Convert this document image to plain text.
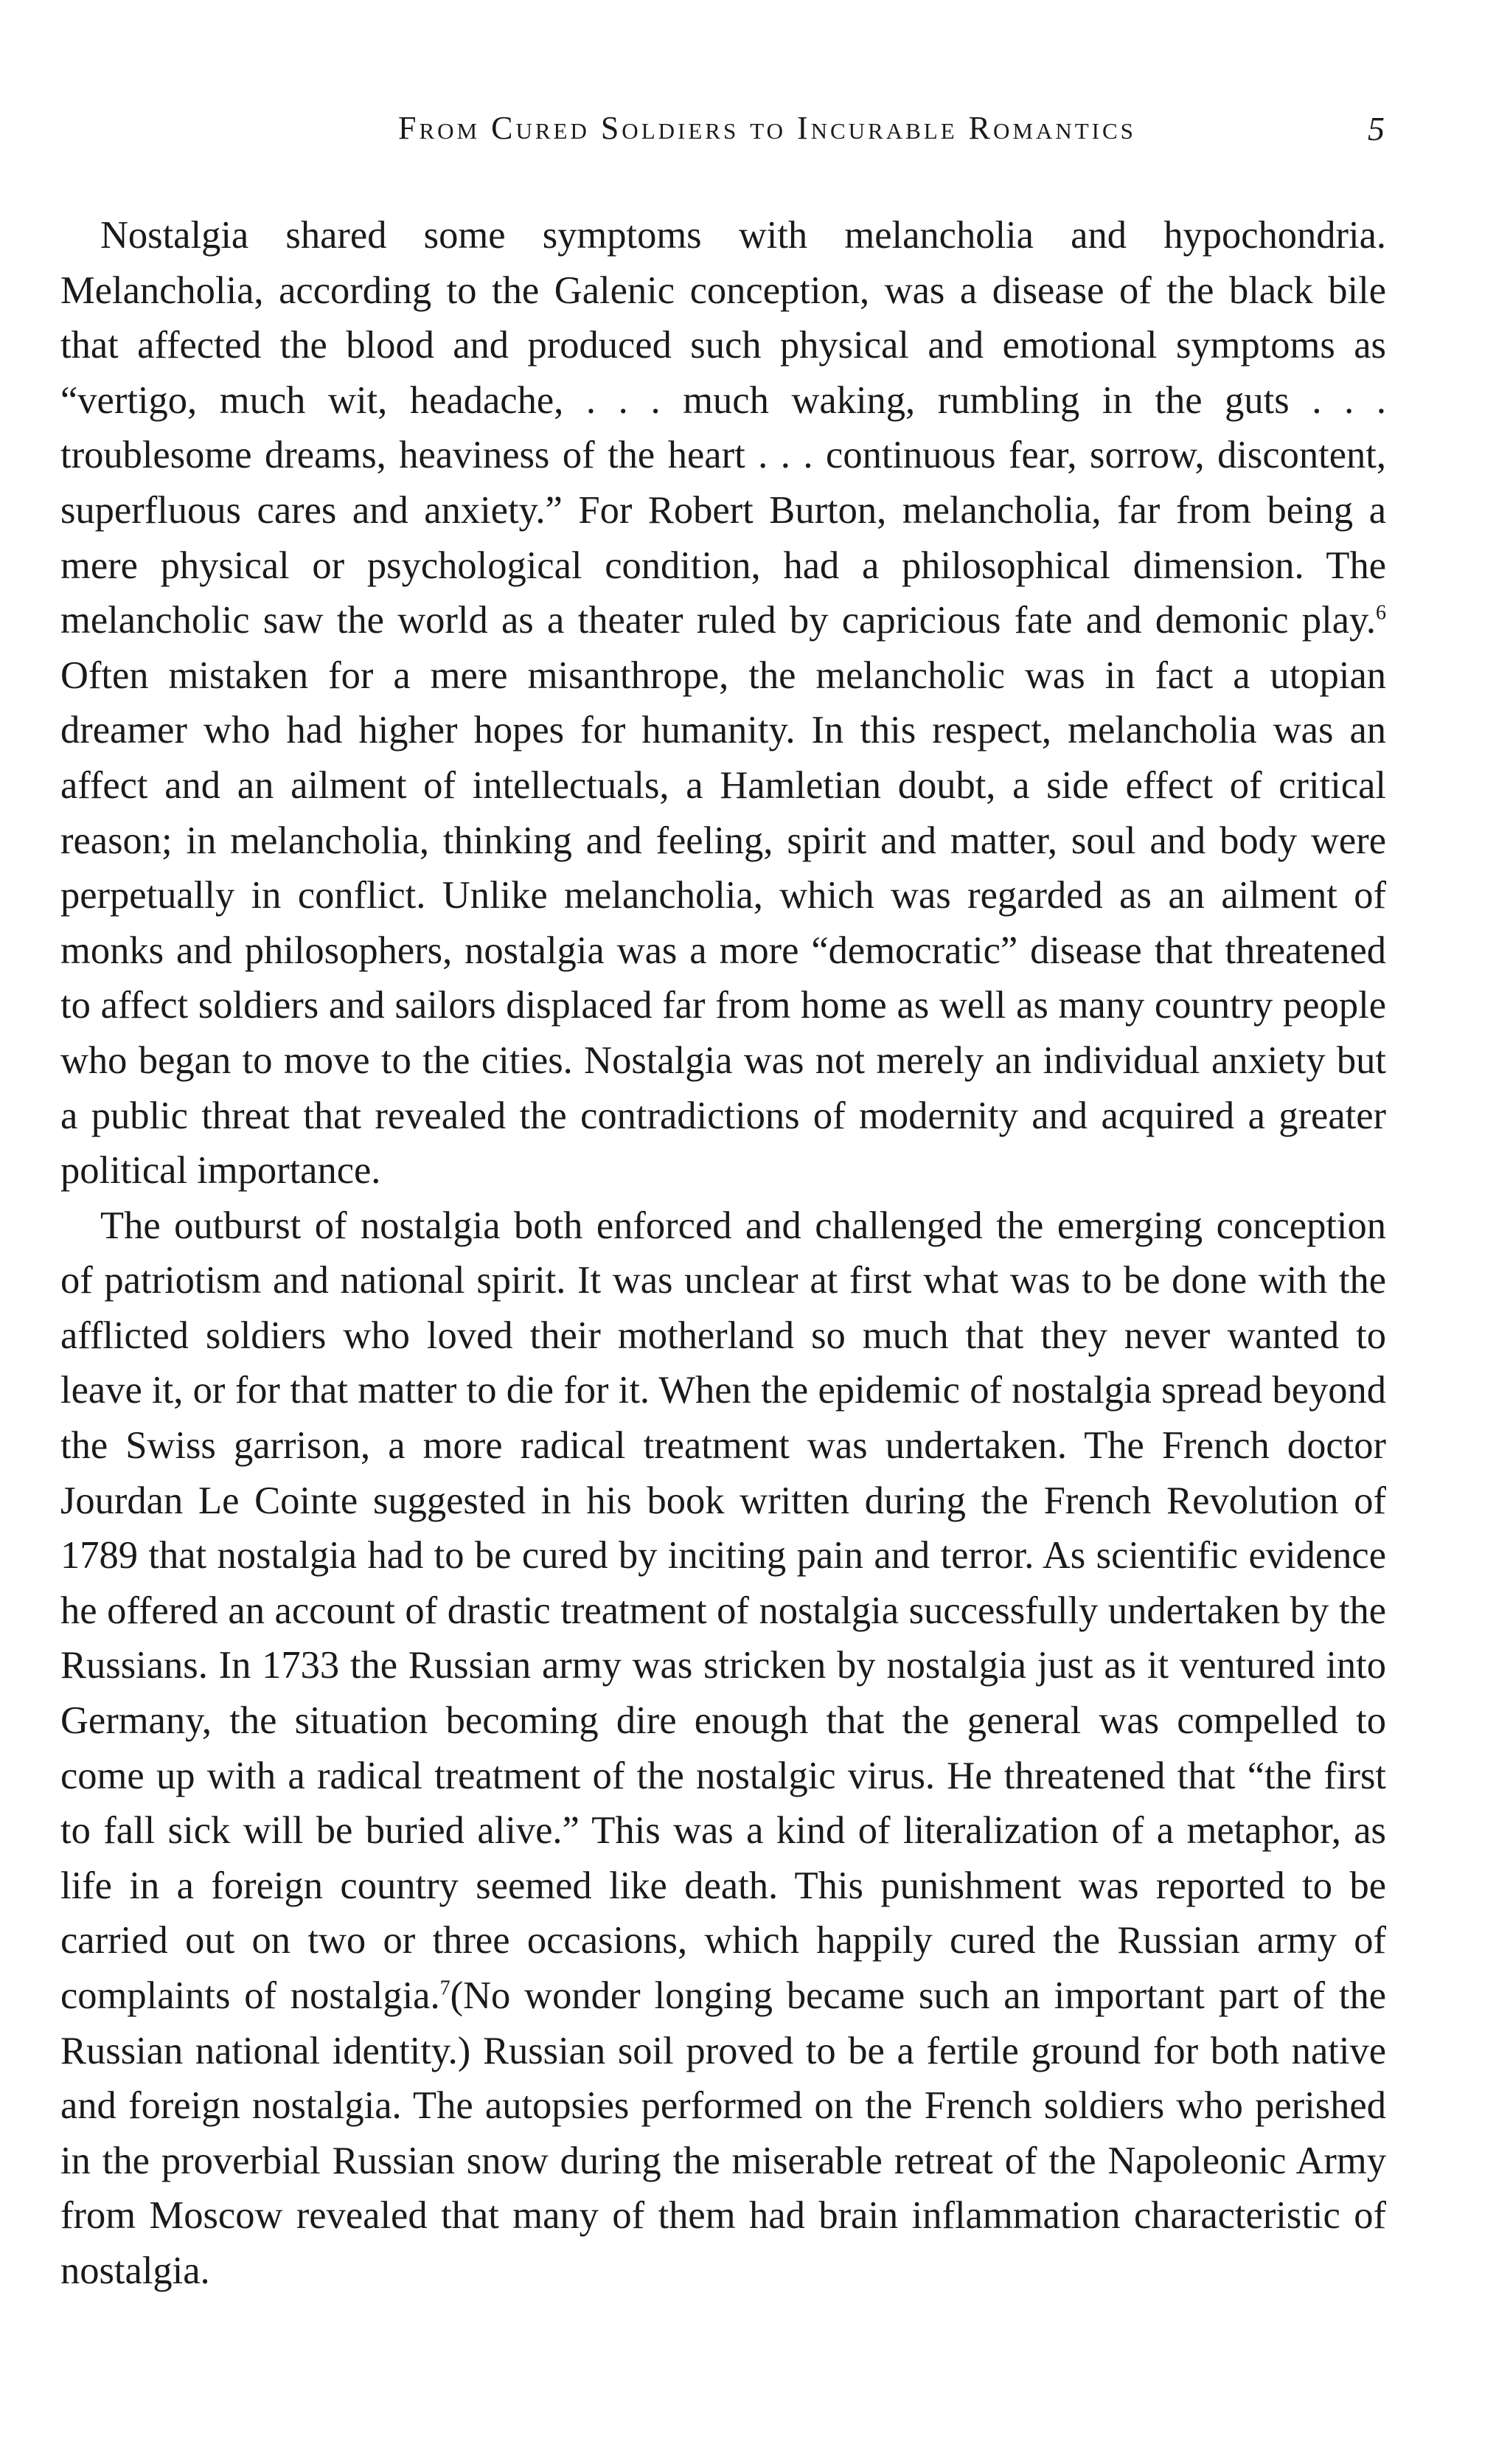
From Cured Soldiers to Incurable Romantics	5

Nostalgia shared some symptoms with melancholia and hypochondria. Melancholia, according to the Galenic conception, was a disease of the black bile that affected the blood and produced such physical and emotional symptoms as “vertigo, much wit, headache, . . . much waking, rumbling in the guts . . . troublesome dreams, heaviness of the heart . . . continuous fear, sorrow, discontent, superfluous cares and anxiety.” For Robert Burton, melancholia, far from being a mere physical or psychological condition, had a philosophical dimension. The melancholic saw the world as a theater ruled by capricious fate and demonic play.$^6$ Often mistaken for a mere misanthrope, the melancholic was in fact a utopian dreamer who had higher hopes for humanity. In this respect, melancholia was an affect and an ailment of intellectuals, a Hamletian doubt, a side effect of critical reason; in melancholia, thinking and feeling, spirit and matter, soul and body were perpetually in conflict. Unlike melancholia, which was regarded as an ailment of monks and philosophers, nostalgia was a more “democratic” disease that threatened to affect soldiers and sailors displaced far from home as well as many country people who began to move to the cities. Nostalgia was not merely an individual anxiety but a public threat that revealed the contradictions of modernity and acquired a greater political importance.

The outburst of nostalgia both enforced and challenged the emerging conception of patriotism and national spirit. It was unclear at first what was to be done with the afflicted soldiers who loved their motherland so much that they never wanted to leave it, or for that matter to die for it. When the epidemic of nostalgia spread beyond the Swiss garrison, a more radical treatment was undertaken. The French doctor Jourdan Le Cointe suggested in his book written during the French Revolution of 1789 that nostalgia had to be cured by inciting pain and terror. As scientific evidence he offered an account of drastic treatment of nostalgia successfully undertaken by the Russians. In 1733 the Russian army was stricken by nostalgia just as it ventured into Germany, the situation becoming dire enough that the general was compelled to come up with a radical treatment of the nostalgic virus. He threatened that “the first to fall sick will be buried alive.” This was a kind of literalization of a metaphor, as life in a foreign country seemed like death. This punishment was reported to be carried out on two or three occasions, which happily cured the Russian army of complaints of nostalgia.$^7$(No wonder longing became such an important part of the Russian national identity.) Russian soil proved to be a fertile ground for both native and foreign nostalgia. The autopsies performed on the French soldiers who perished in the proverbial Russian snow during the miserable retreat of the Napoleonic Army from Moscow revealed that many of them had brain inflammation characteristic of nostalgia.
